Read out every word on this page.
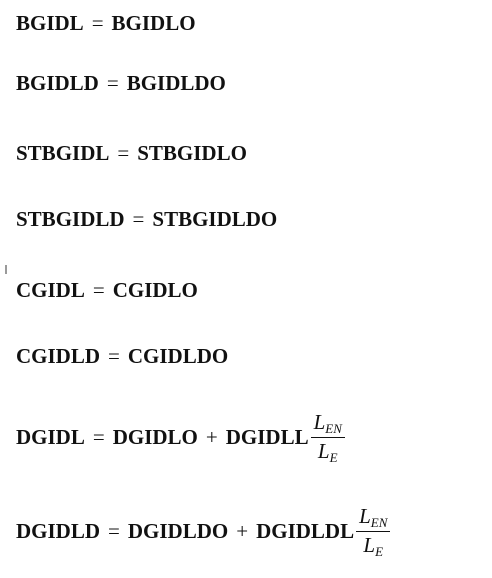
BGIDL = BGIDLO
BGIDLD = BGIDLDO
STBGIDL = STBGIDLO
STBGIDLD = STBGIDLDO
CGIDL = CGIDLO
CGIDLD = CGIDLDO
DGIDL = DGIDLO + DGIDLL $\frac{L_{EN}}{L_E}$
DGIDLD = DGIDLDO + DGIDLDL $\frac{L_{EN}}{L_E}$
